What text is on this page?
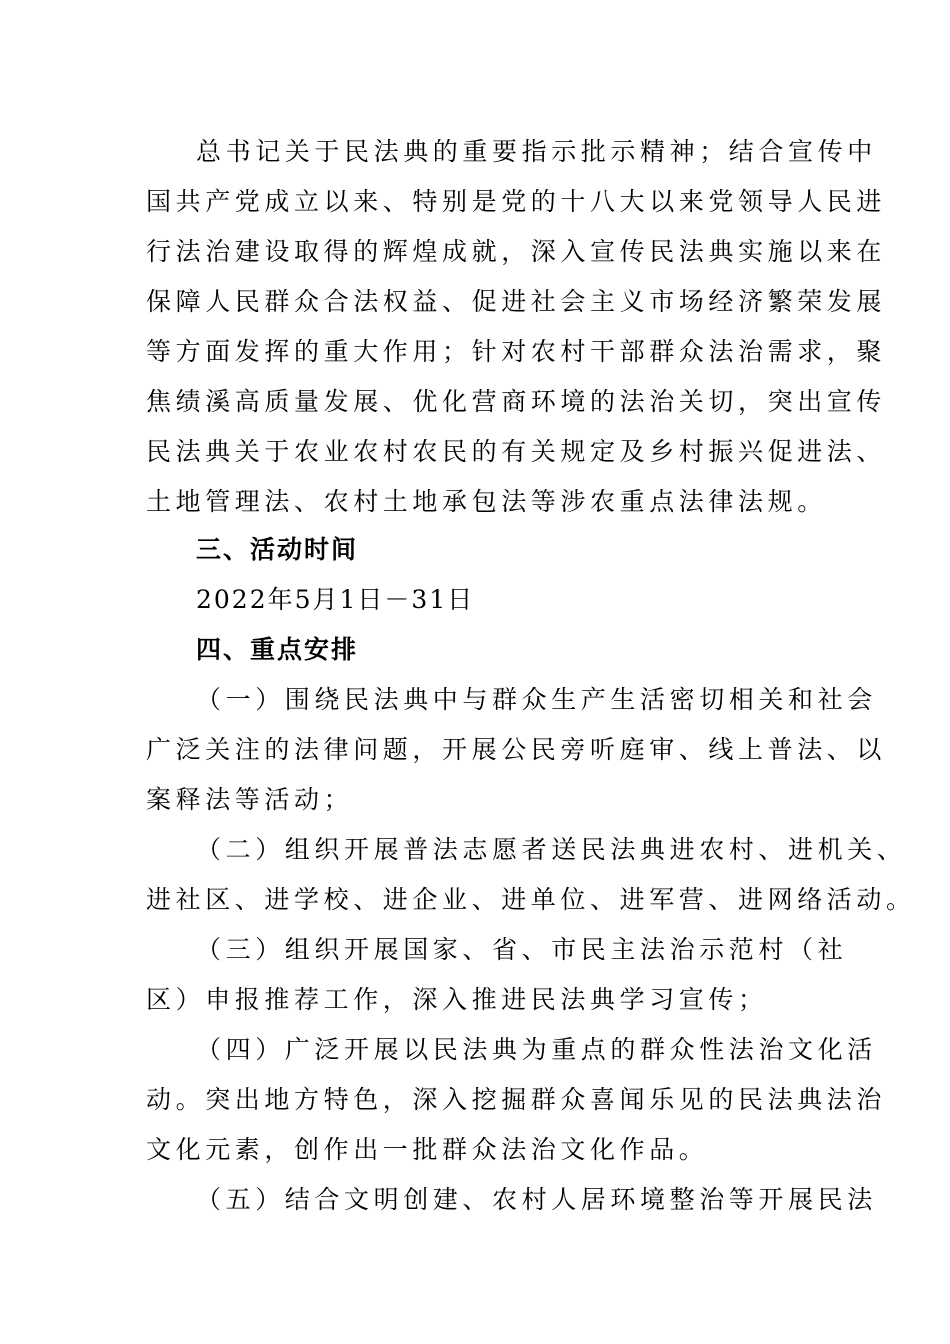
总书记关于民法典的重要指示批示精神；结合宣传中
国共产党成立以来、特别是党的十八大以来党领导人民进
行法治建设取得的辉煌成就，深入宣传民法典实施以来在
保障人民群众合法权益、促进社会主义市场经济繁荣发展
等方面发挥的重大作用；针对农村干部群众法治需求，聚
焦绩溪高质量发展、优化营商环境的法治关切，突出宣传
民法典关于农业农村农民的有关规定及乡村振兴促进法、
土地管理法、农村土地承包法等涉农重点法律法规。
三、活动时间
2022年5月1日－31日
四、重点安排
（一）围绕民法典中与群众生产生活密切相关和社会
广泛关注的法律问题，开展公民旁听庭审、线上普法、以
案释法等活动；
（二）组织开展普法志愿者送民法典进农村、进机关、
进社区、进学校、进企业、进单位、进军营、进网络活动。
（三）组织开展国家、省、市民主法治示范村（社
区）申报推荐工作，深入推进民法典学习宣传；
（四）广泛开展以民法典为重点的群众性法治文化活
动。突出地方特色，深入挖掘群众喜闻乐见的民法典法治
文化元素，创作出一批群众法治文化作品。
（五）结合文明创建、农村人居环境整治等开展民法
